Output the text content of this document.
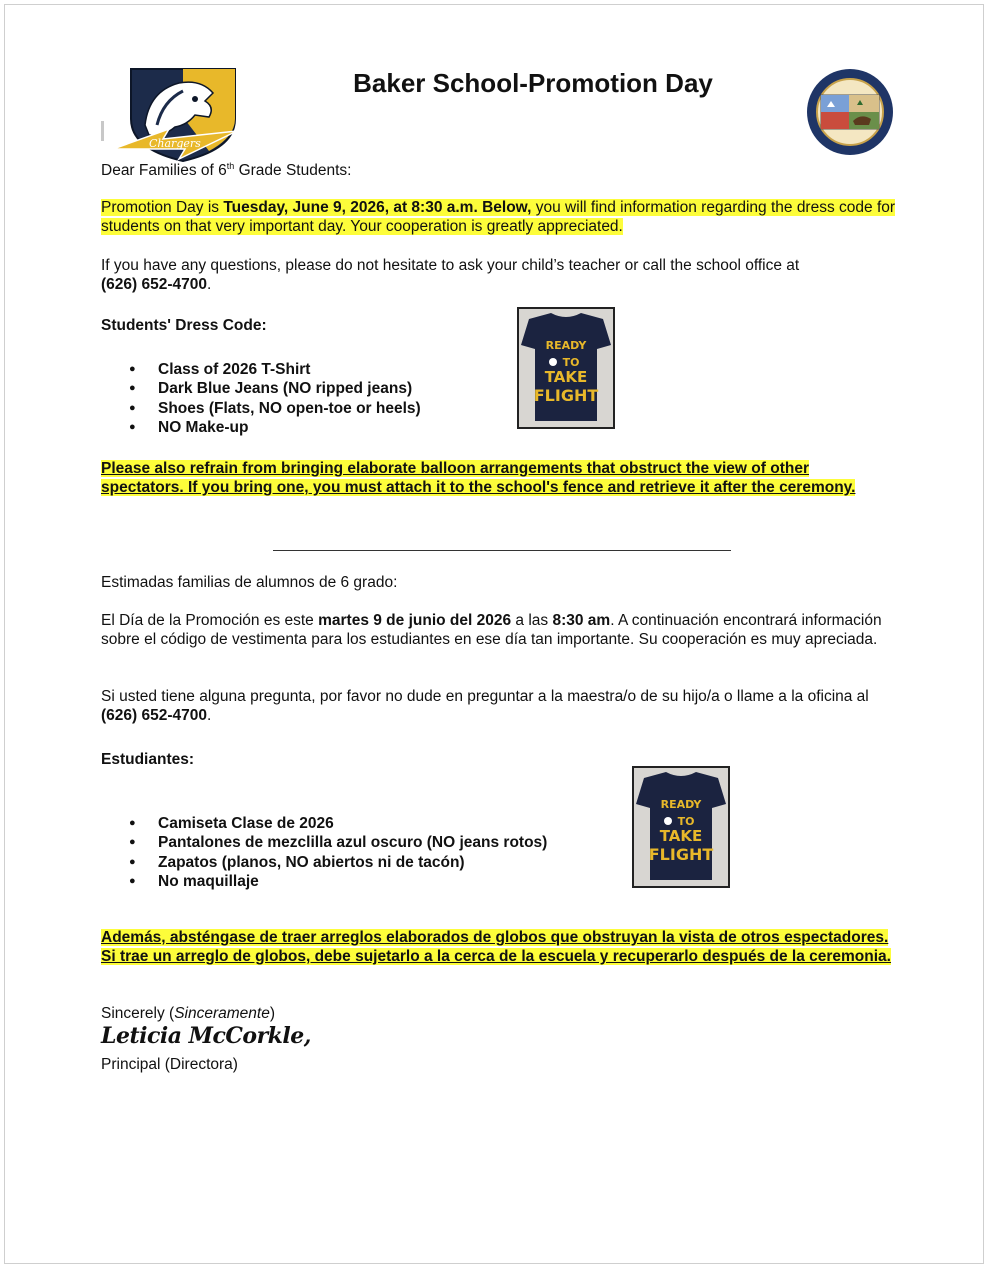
Chargers
Baker School-Promotion Day

Dear Families of 6th Grade Students:

Promotion Day is Tuesday, June 9, 2026, at 8:30 a.m. Below, you will find information regarding the dress code for students on that very important day. Your cooperation is greatly appreciated.

If you have any questions, please do not hesitate to ask your child’s teacher or call the school office at
(626) 652-4700.

Students' Dress Code:

● Class of 2026 T-Shirt
● Dark Blue Jeans (NO ripped jeans)
● Shoes (Flats, NO open-toe or heels)
● NO Make-up
READY
TO
TAKE
FLIGHT

Please also refrain from bringing elaborate balloon arrangements that obstruct the view of other spectators. If you bring one, you must attach it to the school's fence and retrieve it after the ceremony.

Estimadas familias de alumnos de 6 grado:

El Día de la Promoción es este martes 9 de junio del 2026 a las 8:30 am. A continuación encontrará información sobre el código de vestimenta para los estudiantes en ese día tan importante. Su cooperación es muy apreciada.

Si usted tiene alguna pregunta, por favor no dude en preguntar a la maestra/o de su hijo/a o llame a la oficina al (626) 652-4700.

Estudiantes:

● Camiseta Clase de 2026
● Pantalones de mezclilla azul oscuro (NO jeans rotos)
● Zapatos (planos, NO abiertos ni de tacón)
● No maquillaje
READY
TO
TAKE
FLIGHT

Además, absténgase de traer arreglos elaborados de globos que obstruyan la vista de otros espectadores. Si trae un arreglo de globos, debe sujetarlo a la cerca de la escuela y recuperarlo después de la ceremonia.

Sincerely (Sinceramente)

Leticia McCorkle,

Principal (Directora)
